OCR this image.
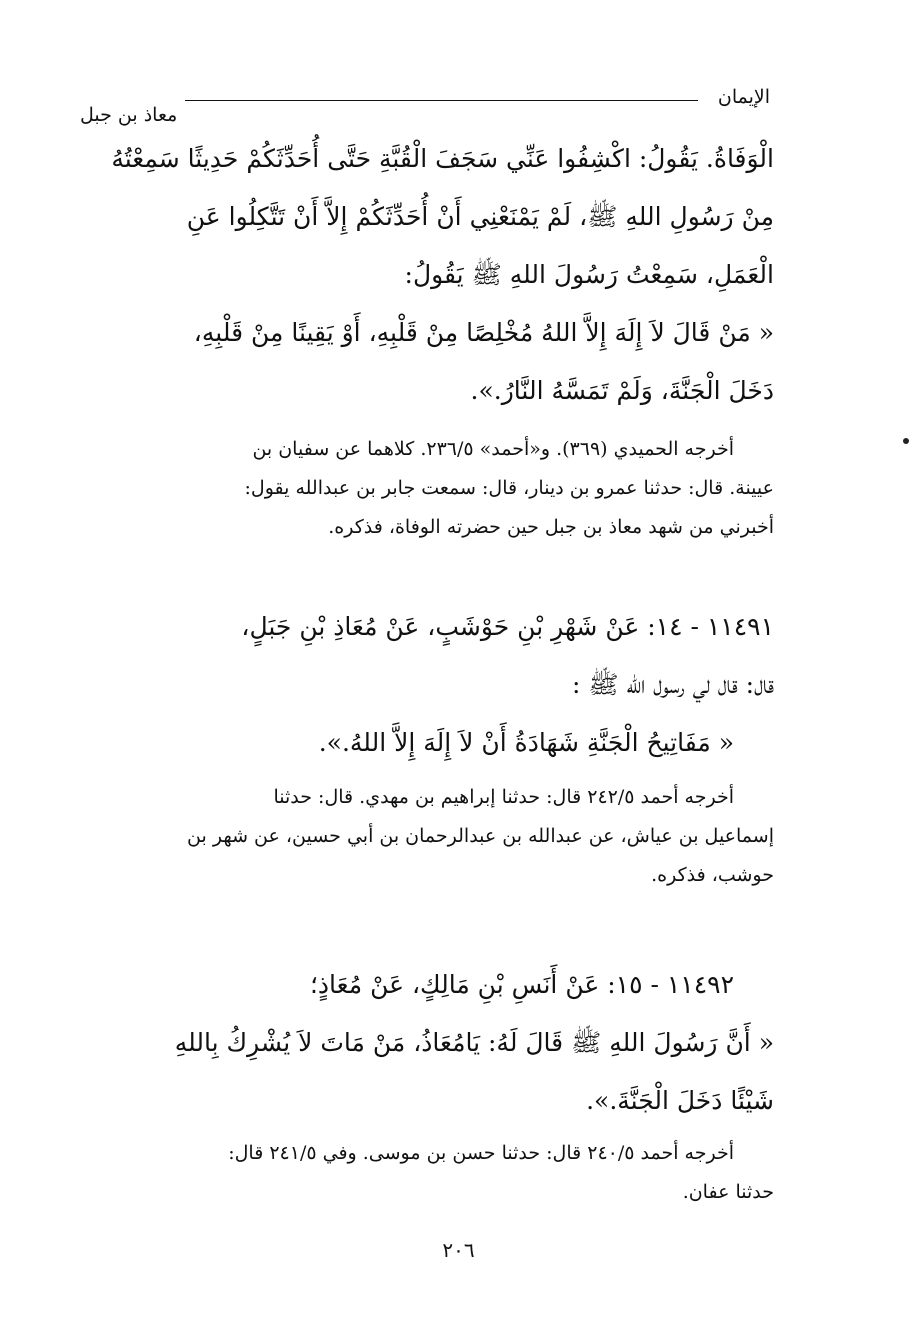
الإيمان
معاذ بن جبل
الْوَفَاةُ. يَقُولُ: اكْشِفُوا عَنِّي سَجَفَ الْقُبَّةِ حَتَّى أُحَدِّثَكُمْ حَدِيثًا سَمِعْتُهُ
مِنْ رَسُولِ اللهِ ﷺ، لَمْ يَمْنَعْنِي أَنْ أُحَدِّثَكُمْ إِلاَّ أَنْ تَتَّكِلُوا عَنِ
الْعَمَلِ، سَمِعْتُ رَسُولَ اللهِ ﷺ يَقُولُ:
« مَنْ قَالَ لاَ إِلَهَ إِلاَّ اللهُ مُخْلِصًا مِنْ قَلْبِهِ، أَوْ يَقِينًا مِنْ قَلْبِهِ،
دَخَلَ الْجَنَّةَ، وَلَمْ تَمَسَّهُ النَّارُ.».
أخرجه الحميدي (٣٦٩). و«أحمد» ٢٣٦/٥. كلاهما عن سفيان بن
عيينة. قال: حدثنا عمرو بن دينار، قال: سمعت جابر بن عبدالله يقول:
أخبرني من شهد معاذ بن جبل حين حضرته الوفاة، فذكره.
١١٤٩١ - ١٤: عَنْ شَهْرِ بْنِ حَوْشَبٍ، عَنْ مُعَاذِ بْنِ جَبَلٍ،
قال: قال لي رسول الله ﷺ :
« مَفَاتِيحُ الْجَنَّةِ شَهَادَةُ أَنْ لاَ إِلَهَ إِلاَّ اللهُ.».
أخرجه أحمد ٢٤٢/٥ قال: حدثنا إبراهيم بن مهدي. قال: حدثنا
إسماعيل بن عياش، عن عبدالله بن عبدالرحمان بن أبي حسين، عن شهر بن
حوشب، فذكره.
١١٤٩٢ - ١٥: عَنْ أَنَسِ بْنِ مَالِكٍ، عَنْ مُعَاذٍ؛
« أَنَّ رَسُولَ اللهِ ﷺ قَالَ لَهُ: يَامُعَاذُ، مَنْ مَاتَ لاَ يُشْرِكُ بِاللهِ
شَيْئًا دَخَلَ الْجَنَّةَ.».
أخرجه أحمد ٢٤٠/٥ قال: حدثنا حسن بن موسى. وفي ٢٤١/٥ قال:
حدثنا عفان.
٢٠٦
